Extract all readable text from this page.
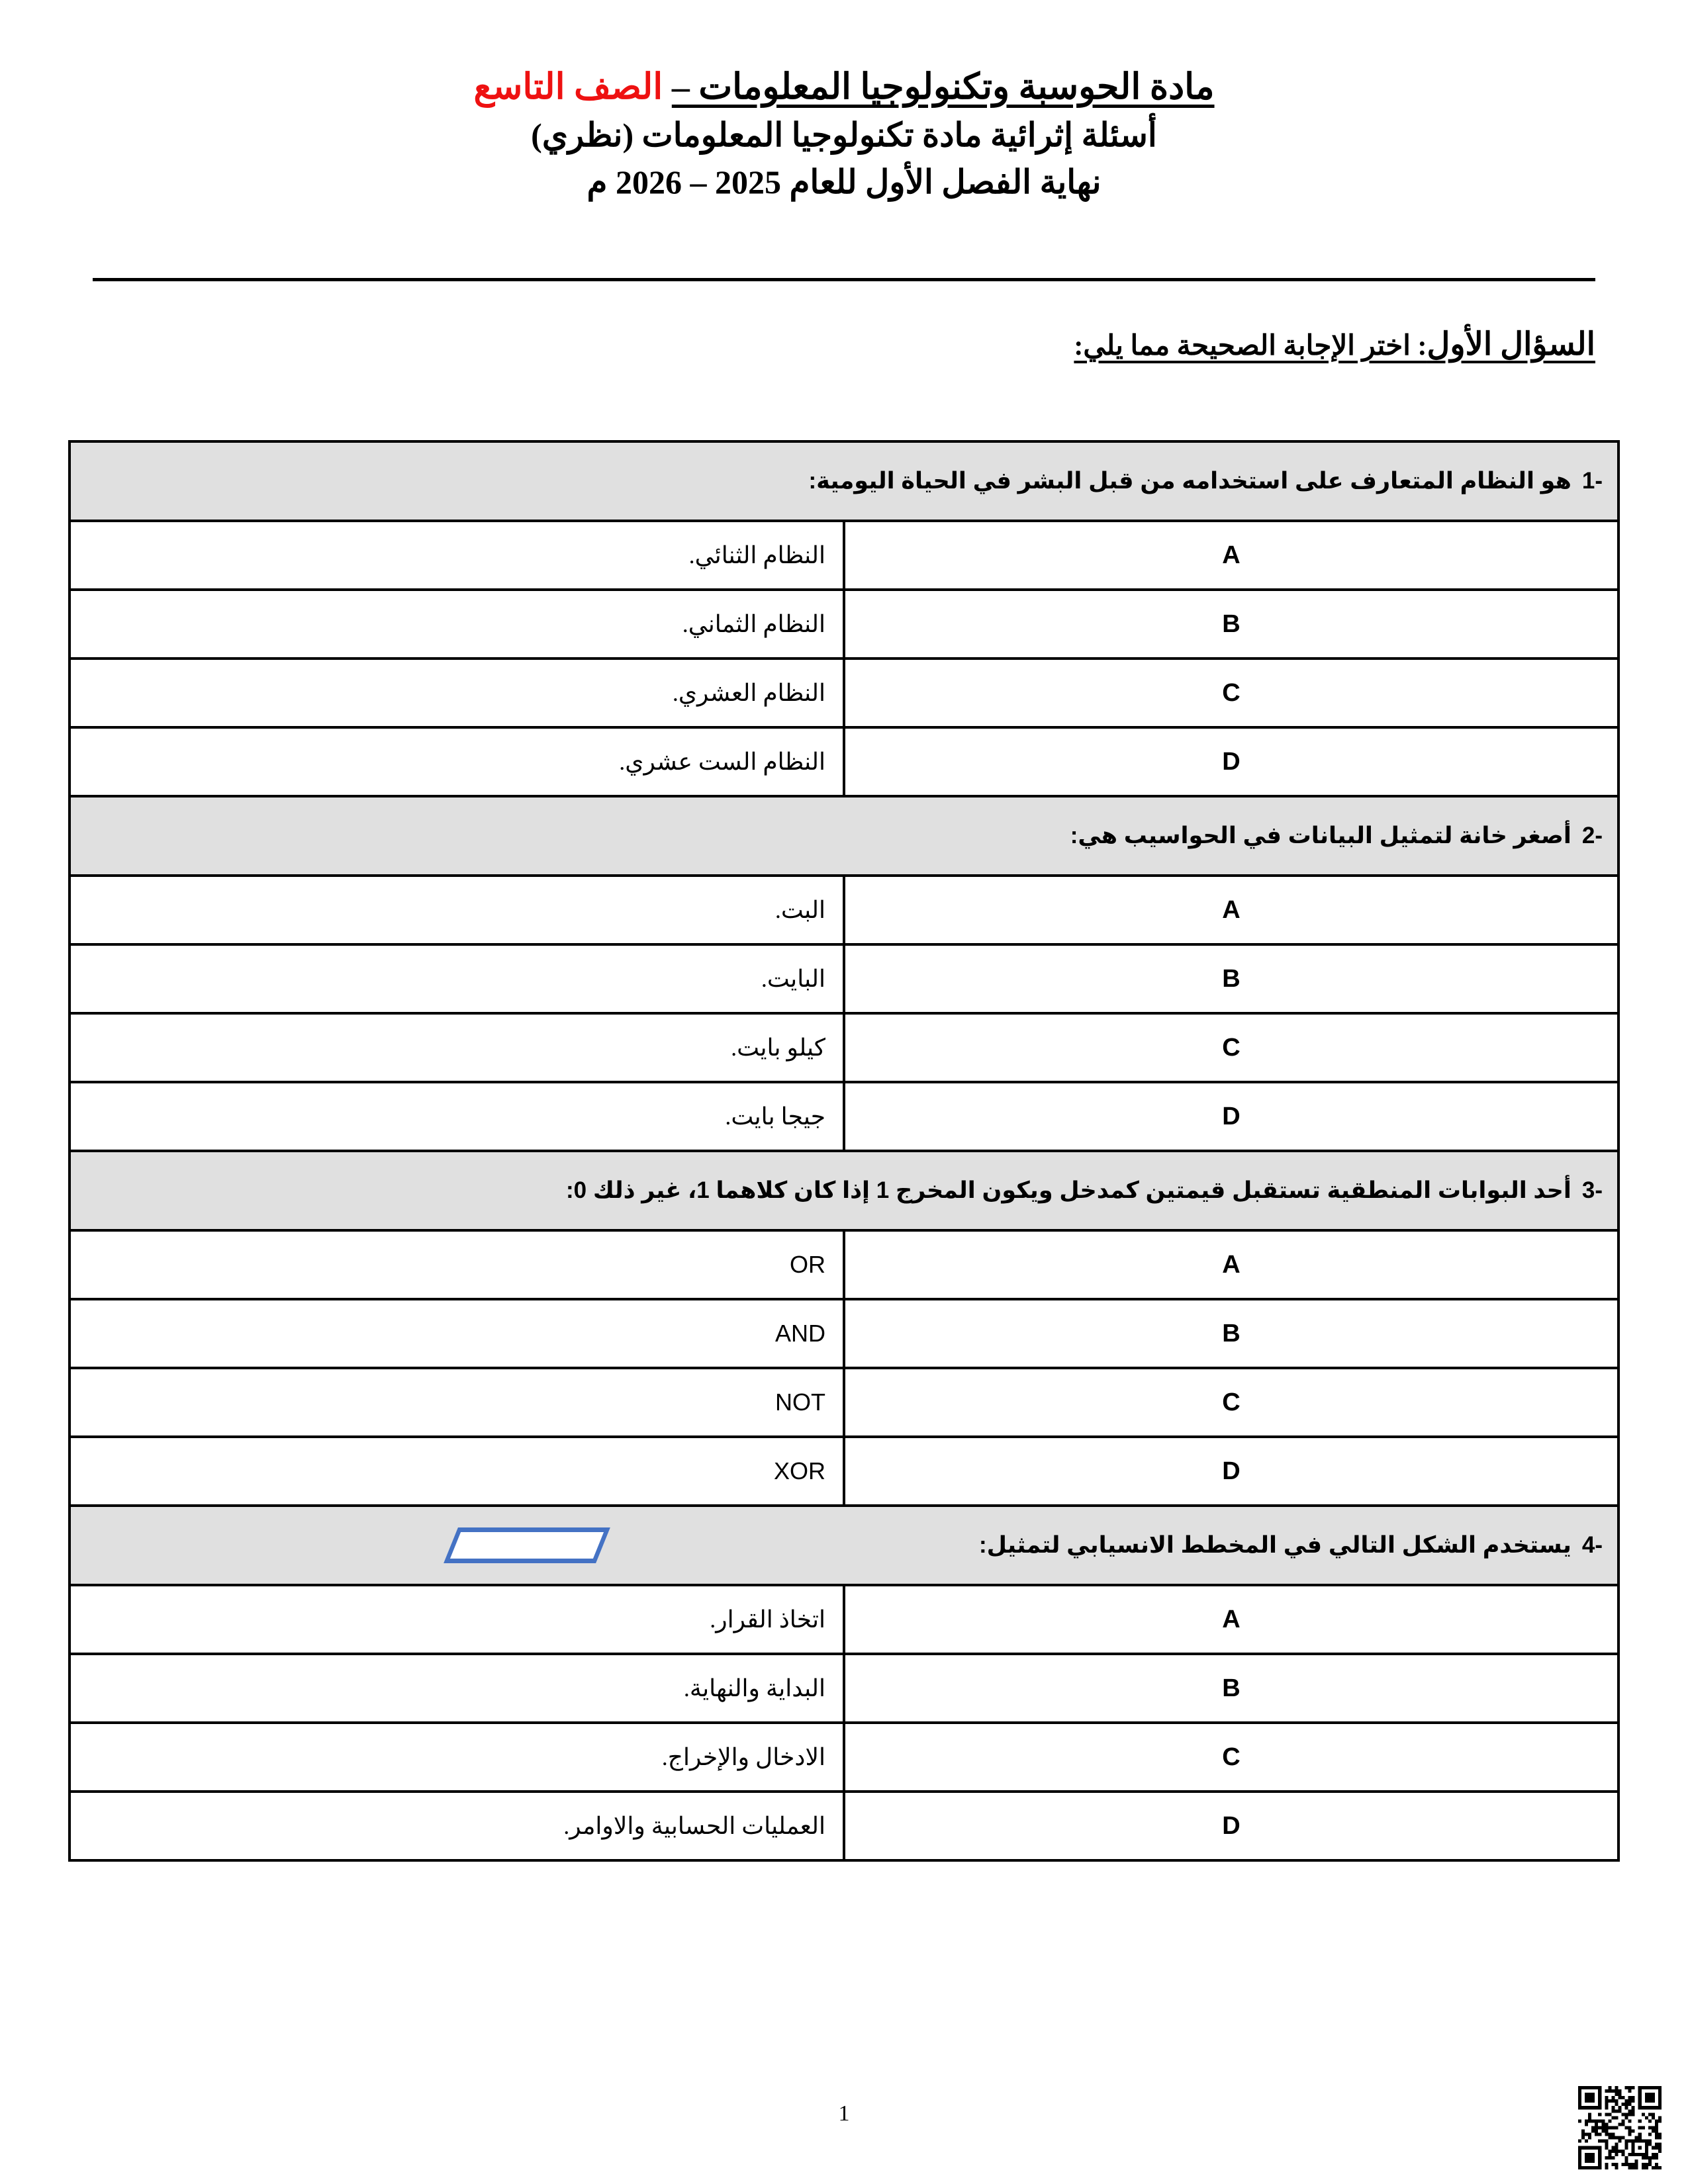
مادة الحوسبة وتكنولوجيا المعلومات – الصف التاسع
أسئلة إثرائية مادة تكنولوجيا المعلومات (نظري)
نهاية الفصل الأول للعام 2025 – 2026 م
السؤال الأول: اختر الإجابة الصحيحة مما يلي:
-1
هو النظام المتعارف على استخدامه من قبل البشر في الحياة اليومية:	

A	النظام الثنائي.
B	النظام الثماني.
C	النظام العشري.
D	النظام الست عشري.

-2
أصغر خانة لتمثيل البيانات في الحواسيب هي:	

A	البت.
B	البايت.
C	كيلو بايت.
D	جيجا بايت.

-3
أحد البوابات المنطقية تستقبل قيمتين كمدخل ويكون المخرج 1 إذا كان كلاهما 1، غير ذلك 0:	

A	OR
B	AND
C	NOT
D	XOR

-4
يستخدم الشكل التالي في المخطط الانسيابي لتمثيل:	

A	اتخاذ القرار.
B	البداية والنهاية.
C	الادخال والإخراج.
D	العمليات الحسابية والاوامر.
1
